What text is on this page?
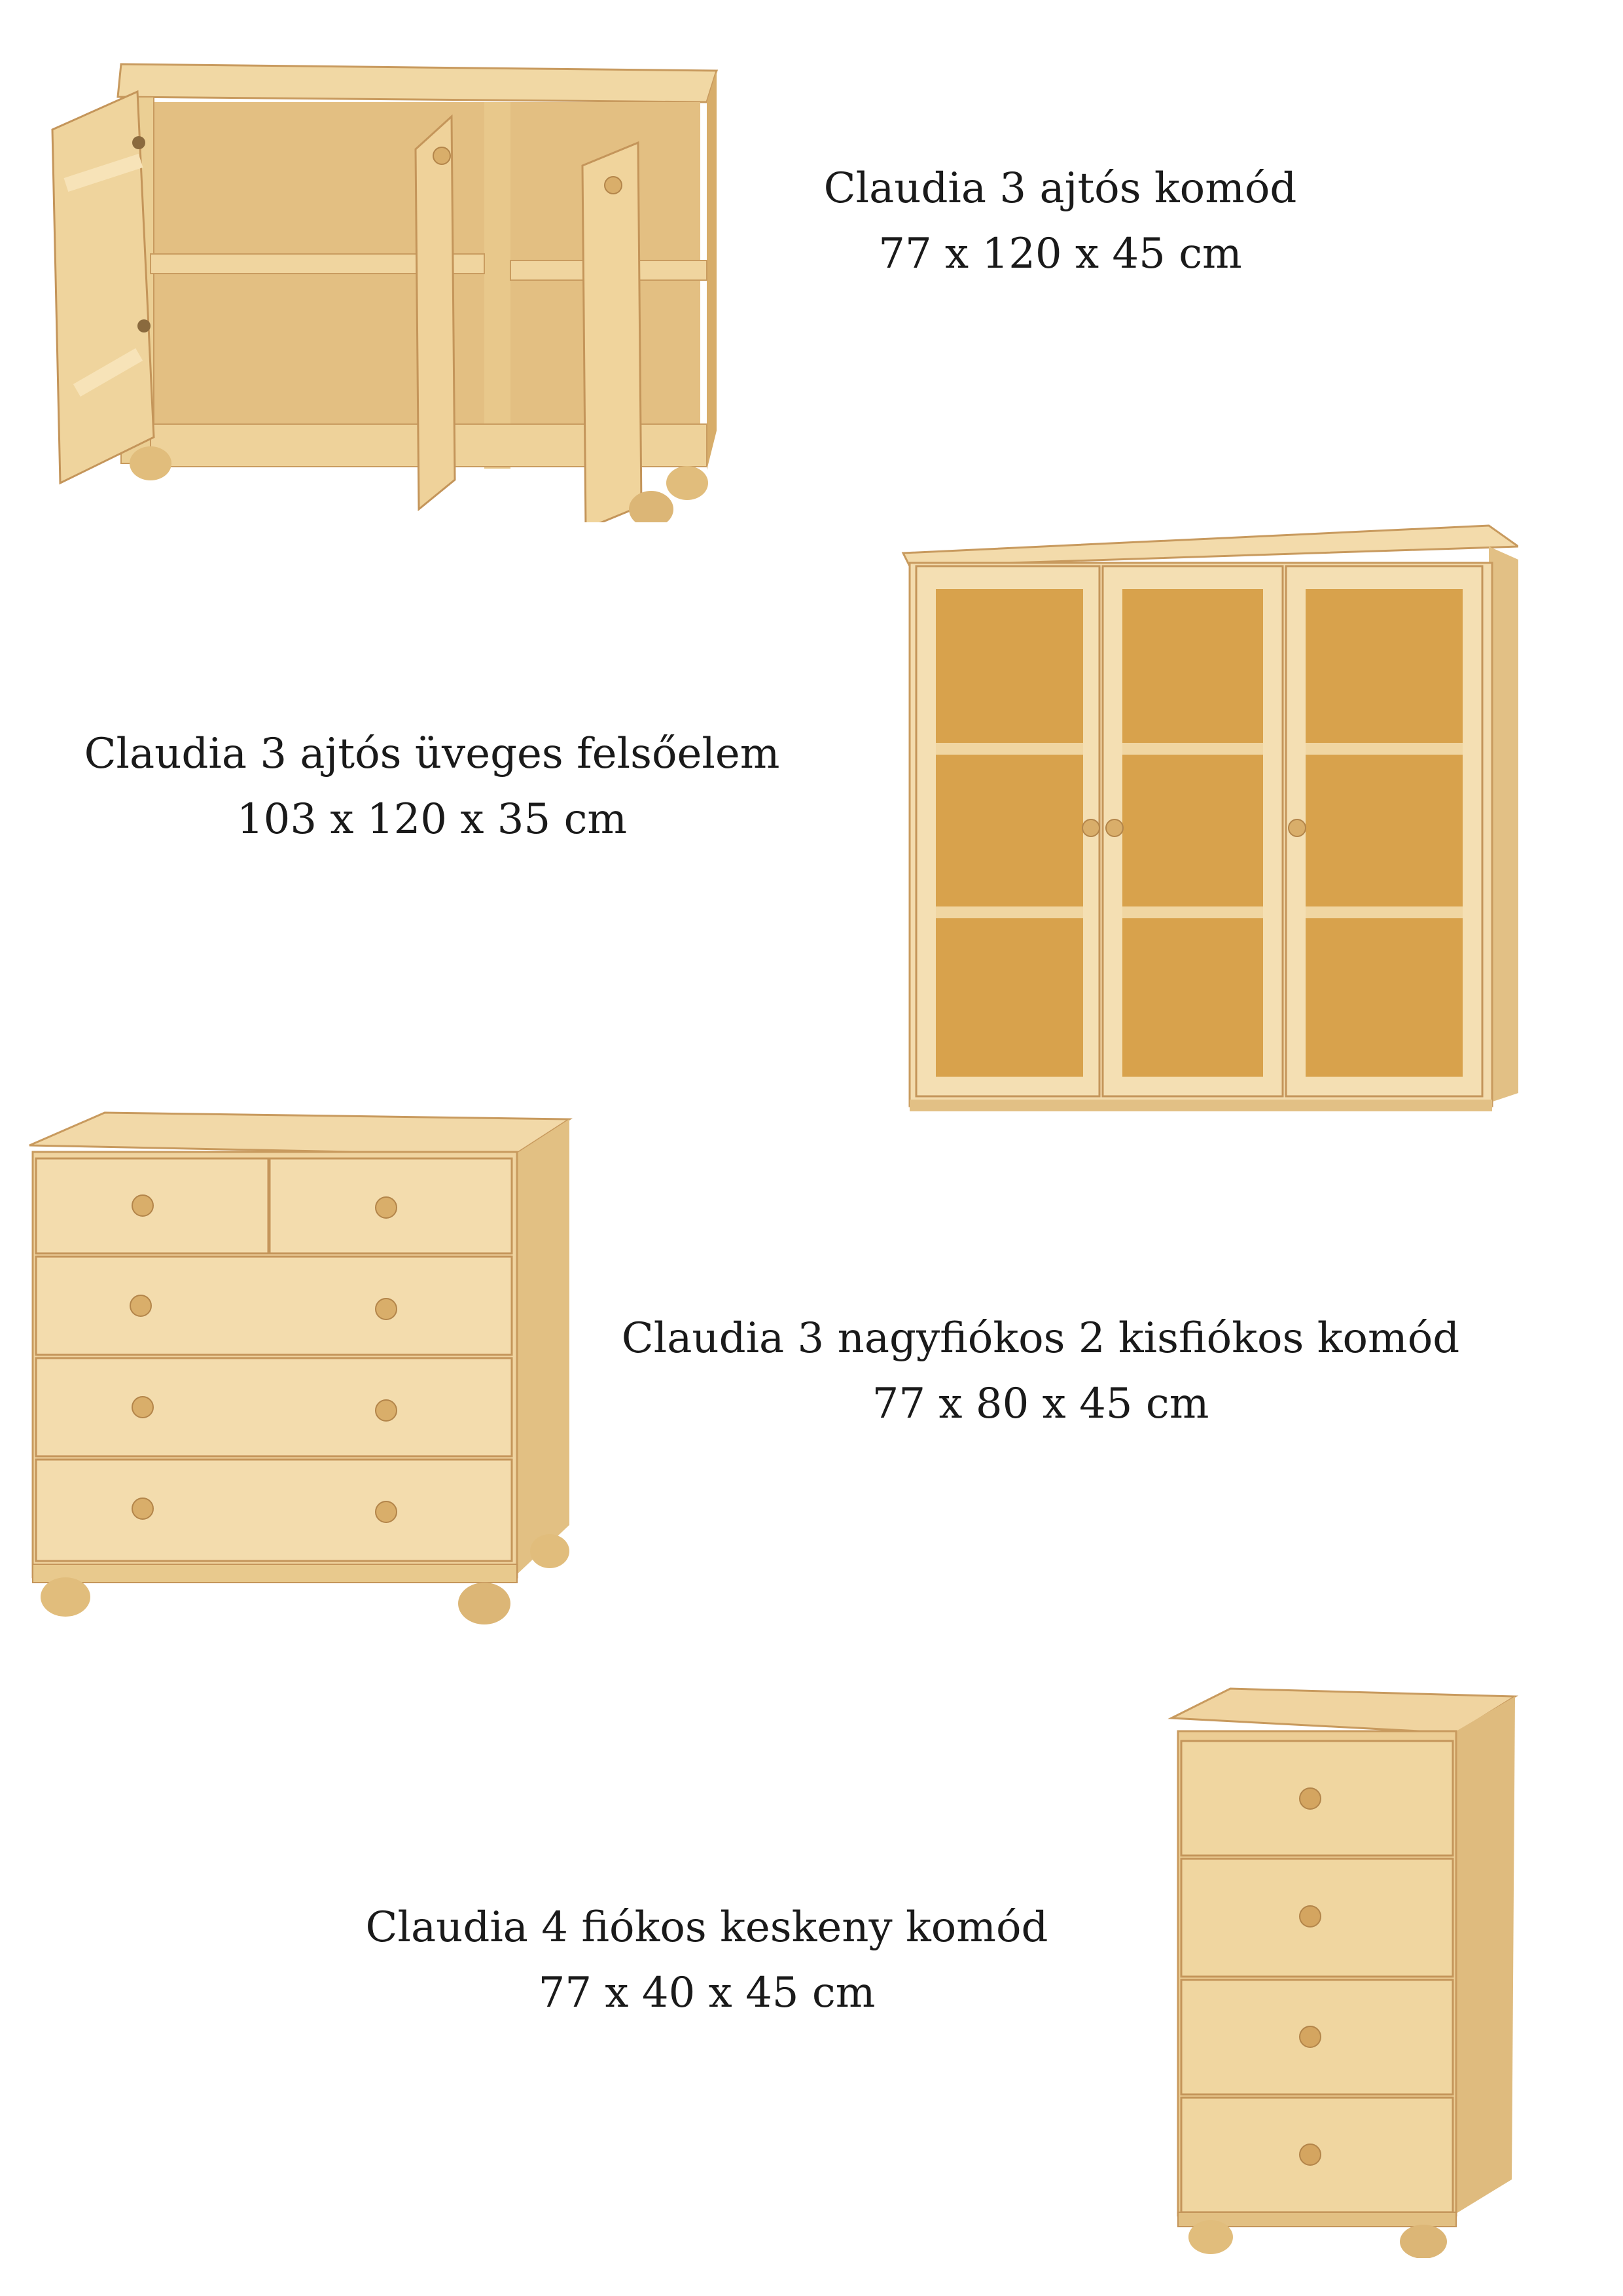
Claudia 3 ajtós komód
77 x 120 x 45 cm
Claudia 3 ajtós üveges felsőelem
103 x 120 x 35 cm
Claudia 3 nagyfiókos 2 kisfiókos komód
77 x 80 x 45 cm
Claudia 4 fiókos keskeny komód
77 x 40 x 45 cm
